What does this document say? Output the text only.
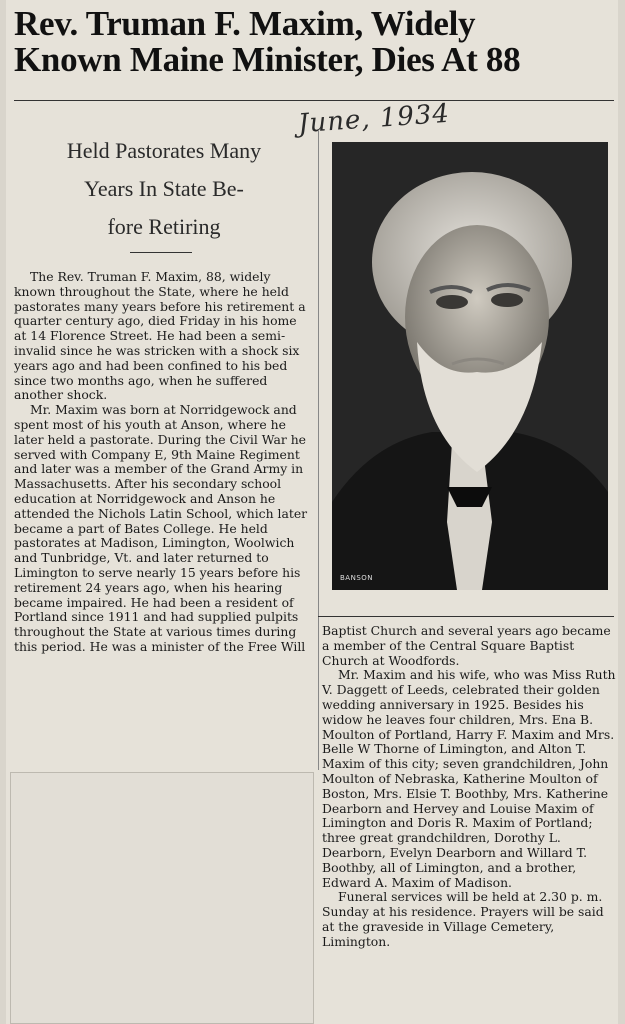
Rev. Truman F. Maxim, Widely
Known Maine Minister, Dies At 88
June, 1934
Held Pastorates Many
Years In State Be-
fore Retiring
BANSON

The Rev. Truman F. Maxim, 88, widely known throughout the State, where he held pastorates many years before his retirement a quarter century ago, died Friday in his home at 14 Florence Street. He had been a semi-invalid since he was stricken with a shock six years ago and had been confined to his bed since two months ago, when he suffered another shock.

Mr. Maxim was born at Norridgewock and spent most of his youth at Anson, where he later held a pastorate. During the Civil War he served with Company E, 9th Maine Regiment and later was a member of the Grand Army in Massachusetts. After his secondary school education at Norridgewock and Anson he attended the Nichols Latin School, which later became a part of Bates College. He held pastorates at Madison, Limington, Woolwich and Tunbridge, Vt. and later returned to Limington to serve nearly 15 years before his retirement 24 years ago, when his hearing became impaired. He had been a resident of Portland since 1911 and had supplied pulpits throughout the State at various times during this period. He was a minister of the Free Will

Baptist Church and several years ago became a member of the Central Square Baptist Church at Woodfords.

Mr. Maxim and his wife, who was Miss Ruth V. Daggett of Leeds, celebrated their golden wedding anniversary in 1925. Besides his widow he leaves four children, Mrs. Ena B. Moulton of Portland, Harry F. Maxim and Mrs. Belle W Thorne of Limington, and Alton T. Maxim of this city; seven grandchildren, John Moulton of Nebraska, Katherine Moulton of Boston, Mrs. Elsie T. Boothby, Mrs. Katherine Dearborn and Hervey and Louise Maxim of Limington and Doris R. Maxim of Portland; three great grandchildren, Dorothy L. Dearborn, Evelyn Dearborn and Willard T. Boothby, all of Limington, and a brother, Edward A. Maxim of Madison.

Funeral services will be held at 2.30 p. m. Sunday at his residence. Prayers will be said at the graveside in Village Cemetery, Limington.
